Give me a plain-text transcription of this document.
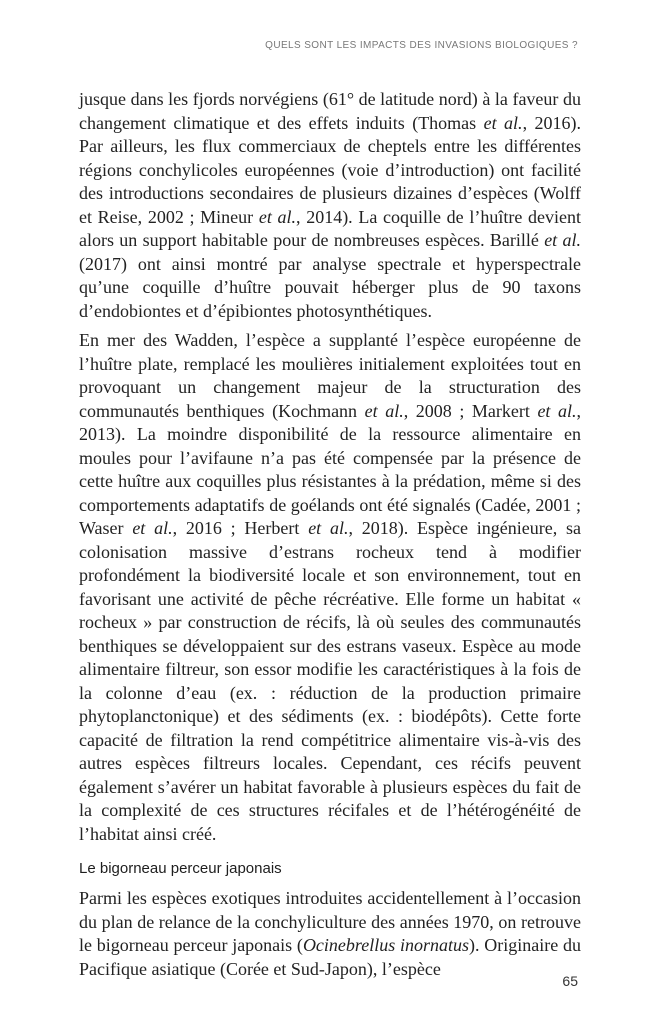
QUELS SONT LES IMPACTS DES INVASIONS BIOLOGIQUES ?

jusque dans les fjords norvégiens (61° de latitude nord) à la faveur du changement climatique et des effets induits (Thomas et al., 2016). Par ailleurs, les flux commerciaux de cheptels entre les différentes régions conchylicoles européennes (voie d’introduction) ont facilité des introductions secondaires de plusieurs dizaines d’espèces (Wolff et Reise, 2002 ; Mineur et al., 2014). La coquille de l’huître devient alors un support habitable pour de nombreuses espèces. Barillé et al. (2017) ont ainsi montré par analyse spectrale et hyperspectrale qu’une coquille d’huître pouvait héberger plus de 90 taxons d’endobiontes et d’épibiontes photosynthétiques.

En mer des Wadden, l’espèce a supplanté l’espèce européenne de l’huître plate, remplacé les moulières initialement exploitées tout en provoquant un changement majeur de la structuration des communautés benthiques (Kochmann et al., 2008 ; Markert et al., 2013). La moindre disponibilité de la ressource alimentaire en moules pour l’avifaune n’a pas été compensée par la présence de cette huître aux coquilles plus résistantes à la prédation, même si des comportements adaptatifs de goélands ont été signalés (Cadée, 2001 ; Waser et al., 2016 ; Herbert et al., 2018). Espèce ingénieure, sa colonisation massive d’estrans rocheux tend à modifier profondément la biodiversité locale et son environnement, tout en favorisant une activité de pêche récréative. Elle forme un habitat « rocheux » par construction de récifs, là où seules des communautés benthiques se développaient sur des estrans vaseux. Espèce au mode alimentaire filtreur, son essor modifie les caractéristiques à la fois de la colonne d’eau (ex. : réduction de la production primaire phytoplanctonique) et des sédiments (ex. : biodépôts). Cette forte capacité de filtration la rend compétitrice alimentaire vis-à-vis des autres espèces filtreurs locales. Cependant, ces récifs peuvent également s’avérer un habitat favorable à plusieurs espèces du fait de la complexité de ces structures récifales et de l’hétérogénéité de l’habitat ainsi créé.

Le bigorneau perceur japonais

Parmi les espèces exotiques introduites accidentellement à l’occasion du plan de relance de la conchyliculture des années 1970, on retrouve le bigorneau perceur japonais (Ocinebrellus inornatus). Originaire du Pacifique asiatique (Corée et Sud-Japon), l’espèce

65
